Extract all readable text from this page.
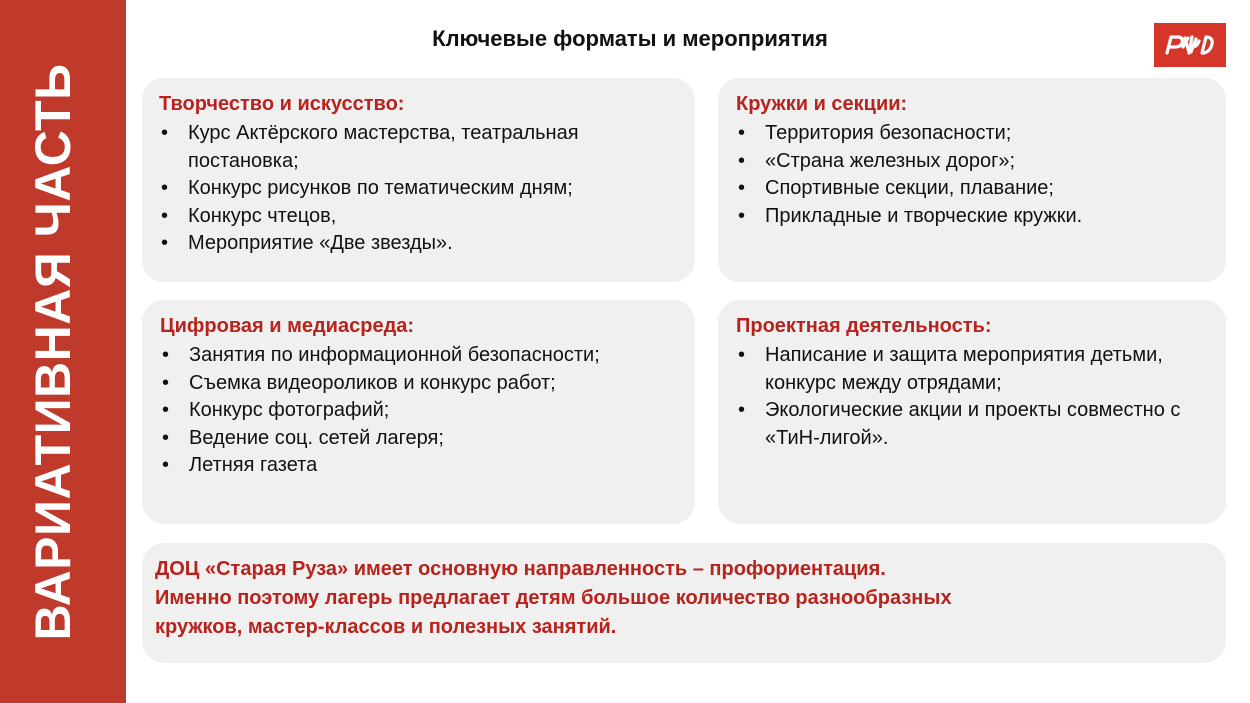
ВАРИАТИВНАЯ ЧАСТЬ
Ключевые форматы и мероприятия
Творчество и искусство:
• Курс Актёрского мастерства, театральная постановка;
• Конкурс рисунков по тематическим дням;
• Конкурс чтецов,
• Мероприятие «Две звезды».
Кружки и секции:
• Территория безопасности;
• «Страна железных дорог»;
• Спортивные секции, плавание;
• Прикладные и творческие кружки.
Цифровая и медиасреда:
• Занятия по информационной безопасности;
• Съемка видеороликов и конкурс работ;
• Конкурс фотографий;
• Ведение соц. сетей лагеря;
• Летняя газета
Проектная деятельность:
• Написание и защита мероприятия детьми, конкурс между отрядами;
• Экологические акции и проекты совместно с «ТиН-лигой».
ДОЦ «Старая Руза» имеет основную направленность – профориентация.
Именно поэтому лагерь предлагает детям большое количество разнообразных
кружков, мастер-классов и полезных занятий.
